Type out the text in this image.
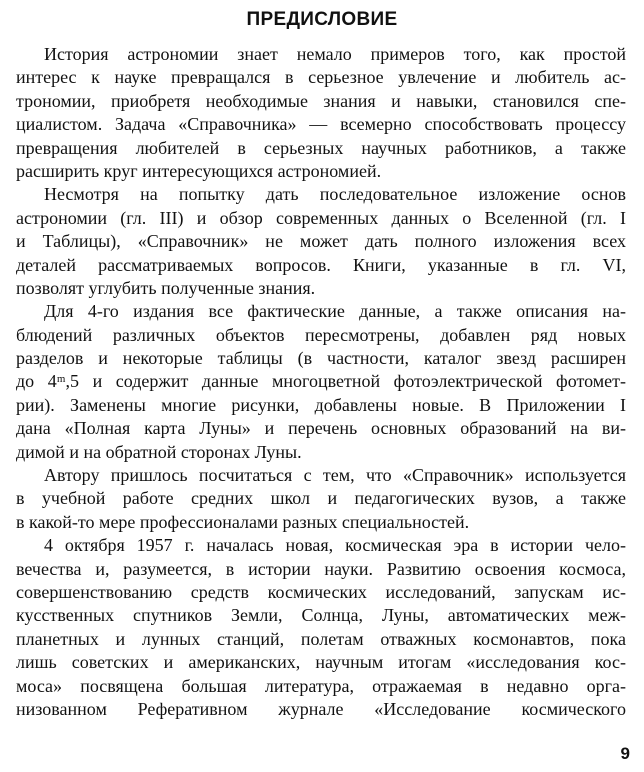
ПРЕДИСЛОВИЕ
История астрономии знает немало примеров того, как простой
интерес к науке превращался в серьезное увлечение и любитель ас-
трономии, приобретя необходимые знания и навыки, становился спе-
циалистом. Задача «Справочника» — всемерно способствовать процессу
превращения любителей в серьезных научных работников, а также
расширить круг интересующихся астрономией.
Несмотря на попытку дать последовательное изложение основ
астрономии (гл. III) и обзор современных данных о Вселенной (гл. I
и Таблицы), «Справочник» не может дать полного изложения всех
деталей рассматриваемых вопросов. Книги, указанные в гл. VI,
позволят углубить полученные знания.
Для 4-го издания все фактические данные, а также описания на-
блюдений различных объектов пересмотрены, добавлен ряд новых
разделов и некоторые таблицы (в частности, каталог звезд расширен
до 4ᵐ,5 и содержит данные многоцветной фотоэлектрической фотомет-
рии). Заменены многие рисунки, добавлены новые. В Приложении I
дана «Полная карта Луны» и перечень основных образований на ви-
димой и на обратной сторонах Луны.
Автору пришлось посчитаться с тем, что «Справочник» используется
в учебной работе средних школ и педагогических вузов, а также
в какой-то мере профессионалами разных специальностей.
4 октября 1957 г. началась новая, космическая эра в истории чело-
вечества и, разумеется, в истории науки. Развитию освоения космоса,
совершенствованию средств космических исследований, запускам ис-
кусственных спутников Земли, Солнца, Луны, автоматических меж-
планетных и лунных станций, полетам отважных космонавтов, пока
лишь советских и американских, научным итогам «исследования кос-
моса» посвящена большая литература, отражаемая в недавно орга-
низованном Реферативном журнале «Исследование космического
9
